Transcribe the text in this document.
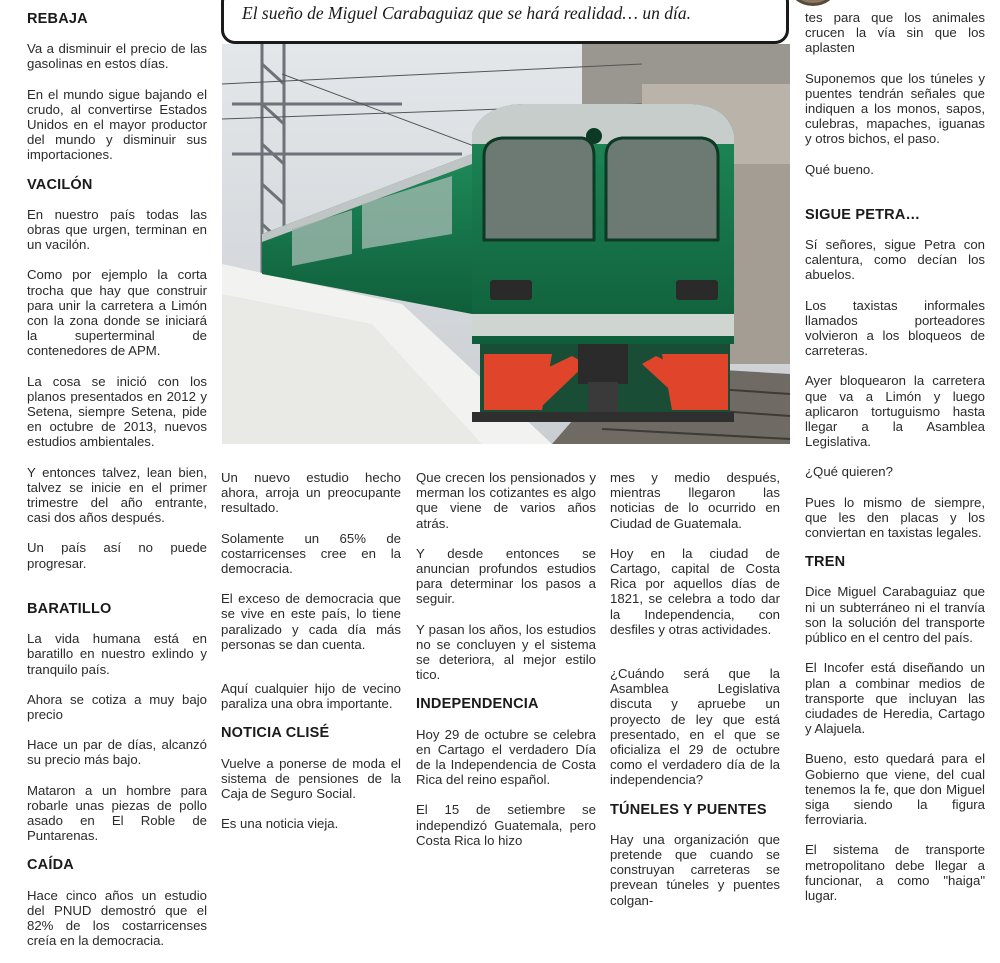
El sueño de Miguel Carabaguiaz que se hará realidad… un día.
REBAJA

Va a disminuir el precio de las gasolinas en estos días.

En el mundo sigue bajando el crudo, al convertirse Estados Unidos en el mayor productor del mundo y disminuir sus importaciones.

VACILÓN

En nuestro país todas las obras que urgen, terminan en un vacilón.

Como por ejemplo la corta trocha que hay que construir para unir la carretera a Limón con la zona donde se iniciará la superterminal de contenedores de APM.

La cosa se inició con los planos presentados en 2012 y Setena, siempre Setena, pide en octubre de 2013, nuevos estudios ambientales.

Y entonces talvez, lean bien, talvez se inicie en el primer trimestre del año entrante, casi dos años después.

Un país así no puede progresar.

BARATILLO

La vida humana está en baratillo en nuestro exlindo y tranquilo país.

Ahora se cotiza a muy bajo precio

Hace un par de días, alcanzó su precio más bajo.

Mataron a un hombre para robarle unas piezas de pollo asado en El Roble de Puntarenas.

CAÍDA

Hace cinco años un estudio del PNUD demostró que el 82% de los costarricenses creía en la democracia.

Un nuevo estudio hecho ahora, arroja un preocupante resultado.

Solamente un 65% de costarricenses cree en la democracia.

El exceso de democracia que se vive en este país, lo tiene paralizado y cada día más personas se dan cuenta.

Aquí cualquier hijo de vecino paraliza una obra importante.

NOTICIA CLISÉ

Vuelve a ponerse de moda el sistema de pensiones de la Caja de Seguro Social.

Es una noticia vieja.

Que crecen los pensionados y merman los cotizantes es algo que viene de varios años atrás.

Y desde entonces se anuncian profundos estudios para determinar los pasos a seguir.

Y pasan los años, los estudios no se concluyen y el sistema se deteriora, al mejor estilo tico.

INDEPENDENCIA

Hoy 29 de octubre se celebra en Cartago el verdadero Día de la Independencia de Costa Rica del reino español.

El 15 de setiembre se independizó Guatemala, pero Costa Rica lo hizo

mes y medio después, mientras llegaron las noticias de lo ocurrido en Ciudad de Guatemala.

Hoy en la ciudad de Cartago, capital de Costa Rica por aquellos días de 1821, se celebra a todo dar la Independencia, con desfiles y otras actividades.

¿Cuándo será que la Asamblea Legislativa discuta y apruebe un proyecto de ley que está presentado, en el que se oficializa el 29 de octubre como el verdadero día de la independencia?

TÚNELES Y PUENTES

Hay una organización que pretende que cuando se construyan carreteras se prevean túneles y puentes colgan-

tes para que los animales crucen la vía sin que los aplasten

Suponemos que los túneles y puentes tendrán señales que indiquen a los monos, sapos, culebras, mapaches, iguanas y otros bichos, el paso.

Qué bueno.

SIGUE PETRA…

Sí señores, sigue Petra con calentura, como decían los abuelos.

Los taxistas informales llamados porteadores volvieron a los bloqueos de carreteras.

Ayer bloquearon la carretera que va a Limón y luego aplicaron tortuguismo hasta llegar a la Asamblea Legislativa.

¿Qué quieren?

Pues lo mismo de siempre, que les den placas y los conviertan en taxistas legales.

TREN

Dice Miguel Carabaguiaz que ni un subterráneo ni el tranvía son la solución del transporte público en el centro del país.

El Incofer está diseñando un plan a combinar medios de transporte que incluyan las ciudades de Heredia, Cartago y Alajuela.

Bueno, esto quedará para el Gobierno que viene, del cual tenemos la fe, que don Miguel siga siendo la figura ferroviaria.

El sistema de transporte metropolitano debe llegar a funcionar, a como "haiga" lugar.
